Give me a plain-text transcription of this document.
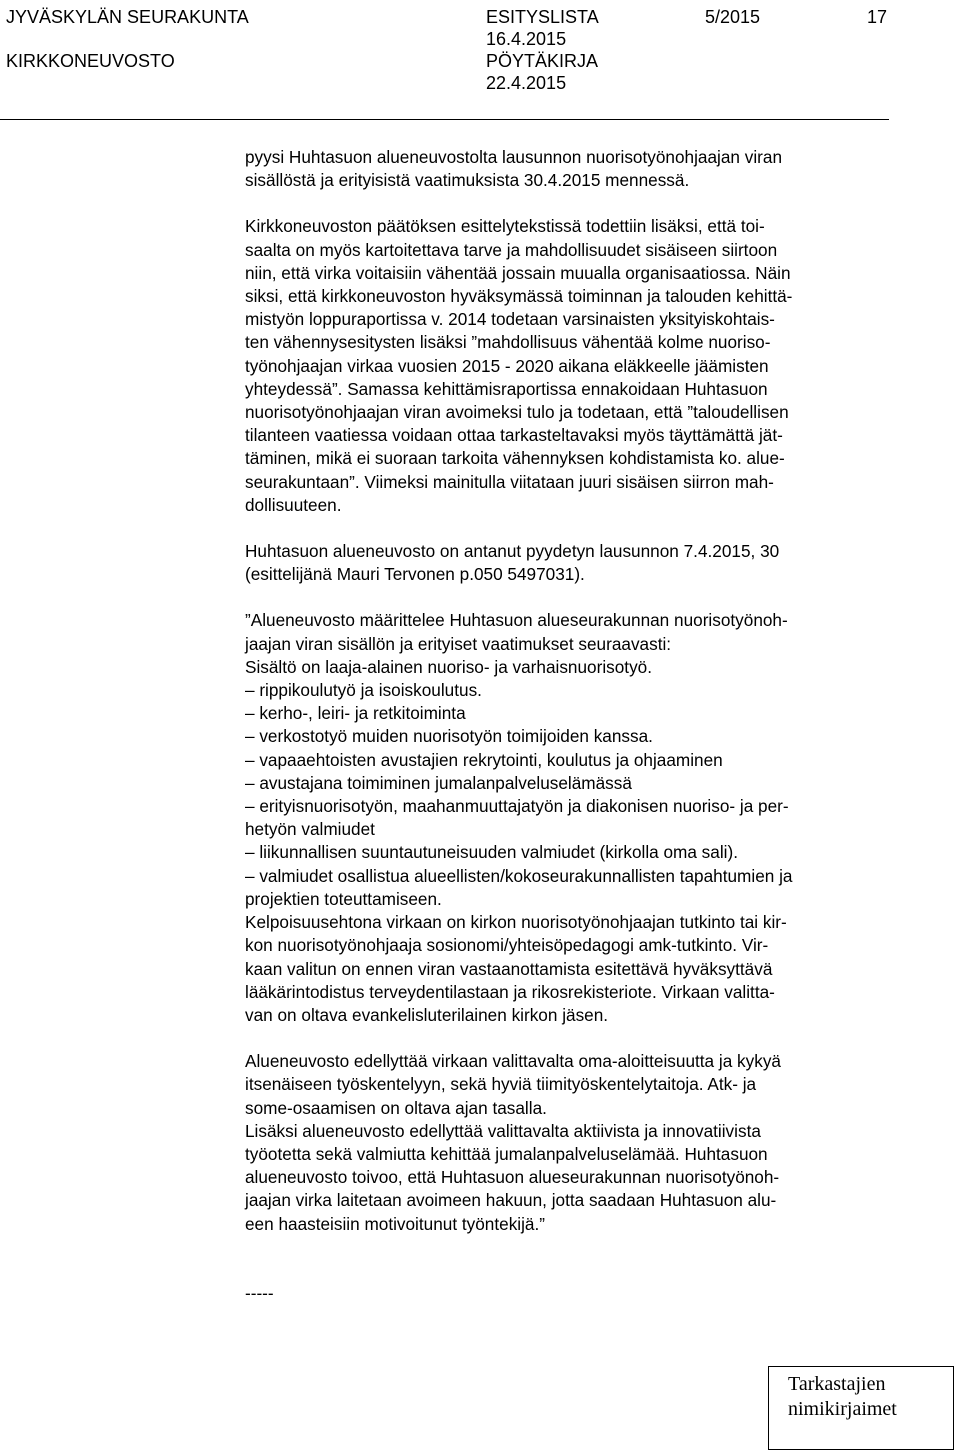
JYVÄSKYLÄN SEURAKUNTA
KIRKKONEUVOSTO
ESITYSLISTA
16.4.2015
PÖYTÄKIRJA
22.4.2015
5/2015	17

pyysi Huhtasuon alueneuvostolta lausunnon nuorisotyönohjaajan viran
sisällöstä ja erityisistä vaatimuksista 30.4.2015 mennessä.

Kirkkoneuvoston päätöksen esittelytekstissä todettiin lisäksi, että toi-
saalta on myös kartoitettava tarve ja mahdollisuudet sisäiseen siirtoon
niin, että virka voitaisiin vähentää jossain muualla organisaatiossa. Näin
siksi, että kirkkoneuvoston hyväksymässä toiminnan ja talouden kehittä-
mistyön loppuraportissa v. 2014 todetaan varsinaisten yksityiskohtais-
ten vähennysesitysten lisäksi ”mahdollisuus vähentää kolme nuoriso-
työnohjaajan virkaa vuosien 2015 - 2020 aikana eläkkeelle jäämisten
yhteydessä”. Samassa kehittämisraportissa ennakoidaan Huhtasuon
nuorisotyönohjaajan viran avoimeksi tulo ja todetaan, että ”taloudellisen
tilanteen vaatiessa voidaan ottaa tarkasteltavaksi myös täyttämättä jät-
täminen, mikä ei suoraan tarkoita vähennyksen kohdistamista ko. alue-
seurakuntaan”. Viimeksi mainitulla viitataan juuri sisäisen siirron mah-
dollisuuteen.

Huhtasuon alueneuvosto on antanut pyydetyn lausunnon 7.4.2015, 30
(esittelijänä Mauri Tervonen p.050 5497031).

”Alueneuvosto määrittelee Huhtasuon alueseurakunnan nuorisotyönoh-
jaajan viran sisällön ja erityiset vaatimukset seuraavasti:
Sisältö on laaja-alainen nuoriso- ja varhaisnuorisotyö.
– rippikoulutyö ja isoiskoulutus.
– kerho-, leiri- ja retkitoiminta
– verkostotyö muiden nuorisotyön toimijoiden kanssa.
– vapaaehtoisten avustajien rekrytointi, koulutus ja ohjaaminen
– avustajana toimiminen jumalanpalveluselämässä
– erityisnuorisotyön, maahanmuuttajatyön ja diakonisen nuoriso- ja per-
hetyön valmiudet
– liikunnallisen suuntautuneisuuden valmiudet (kirkolla oma sali).
– valmiudet osallistua alueellisten/kokoseurakunnallisten tapahtumien ja
projektien toteuttamiseen.
Kelpoisuusehtona virkaan on kirkon nuorisotyönohjaajan tutkinto tai kir-
kon nuorisotyönohjaaja sosionomi/yhteisöpedagogi amk-tutkinto. Vir-
kaan valitun on ennen viran vastaanottamista esitettävä hyväksyttävä
lääkärintodistus terveydentilastaan ja rikosrekisteriote. Virkaan valitta-
van on oltava evankelisluterilainen kirkon jäsen.

Alueneuvosto edellyttää virkaan valittavalta oma-aloitteisuutta ja kykyä
itsenäiseen työskentelyyn, sekä hyviä tiimityöskentelytaitoja. Atk- ja
some-osaamisen on oltava ajan tasalla.
Lisäksi alueneuvosto edellyttää valittavalta aktiivista ja innovatiivista
työotetta sekä valmiutta kehittää jumalanpalveluselämää. Huhtasuon
alueneuvosto toivoo, että Huhtasuon alueseurakunnan nuorisotyönoh-
jaajan virka laitetaan avoimeen hakuun, jotta saadaan Huhtasuon alu-
een haasteisiin motivoitunut työntekijä.”

-----

Tarkastajien
nimikirjaimet
